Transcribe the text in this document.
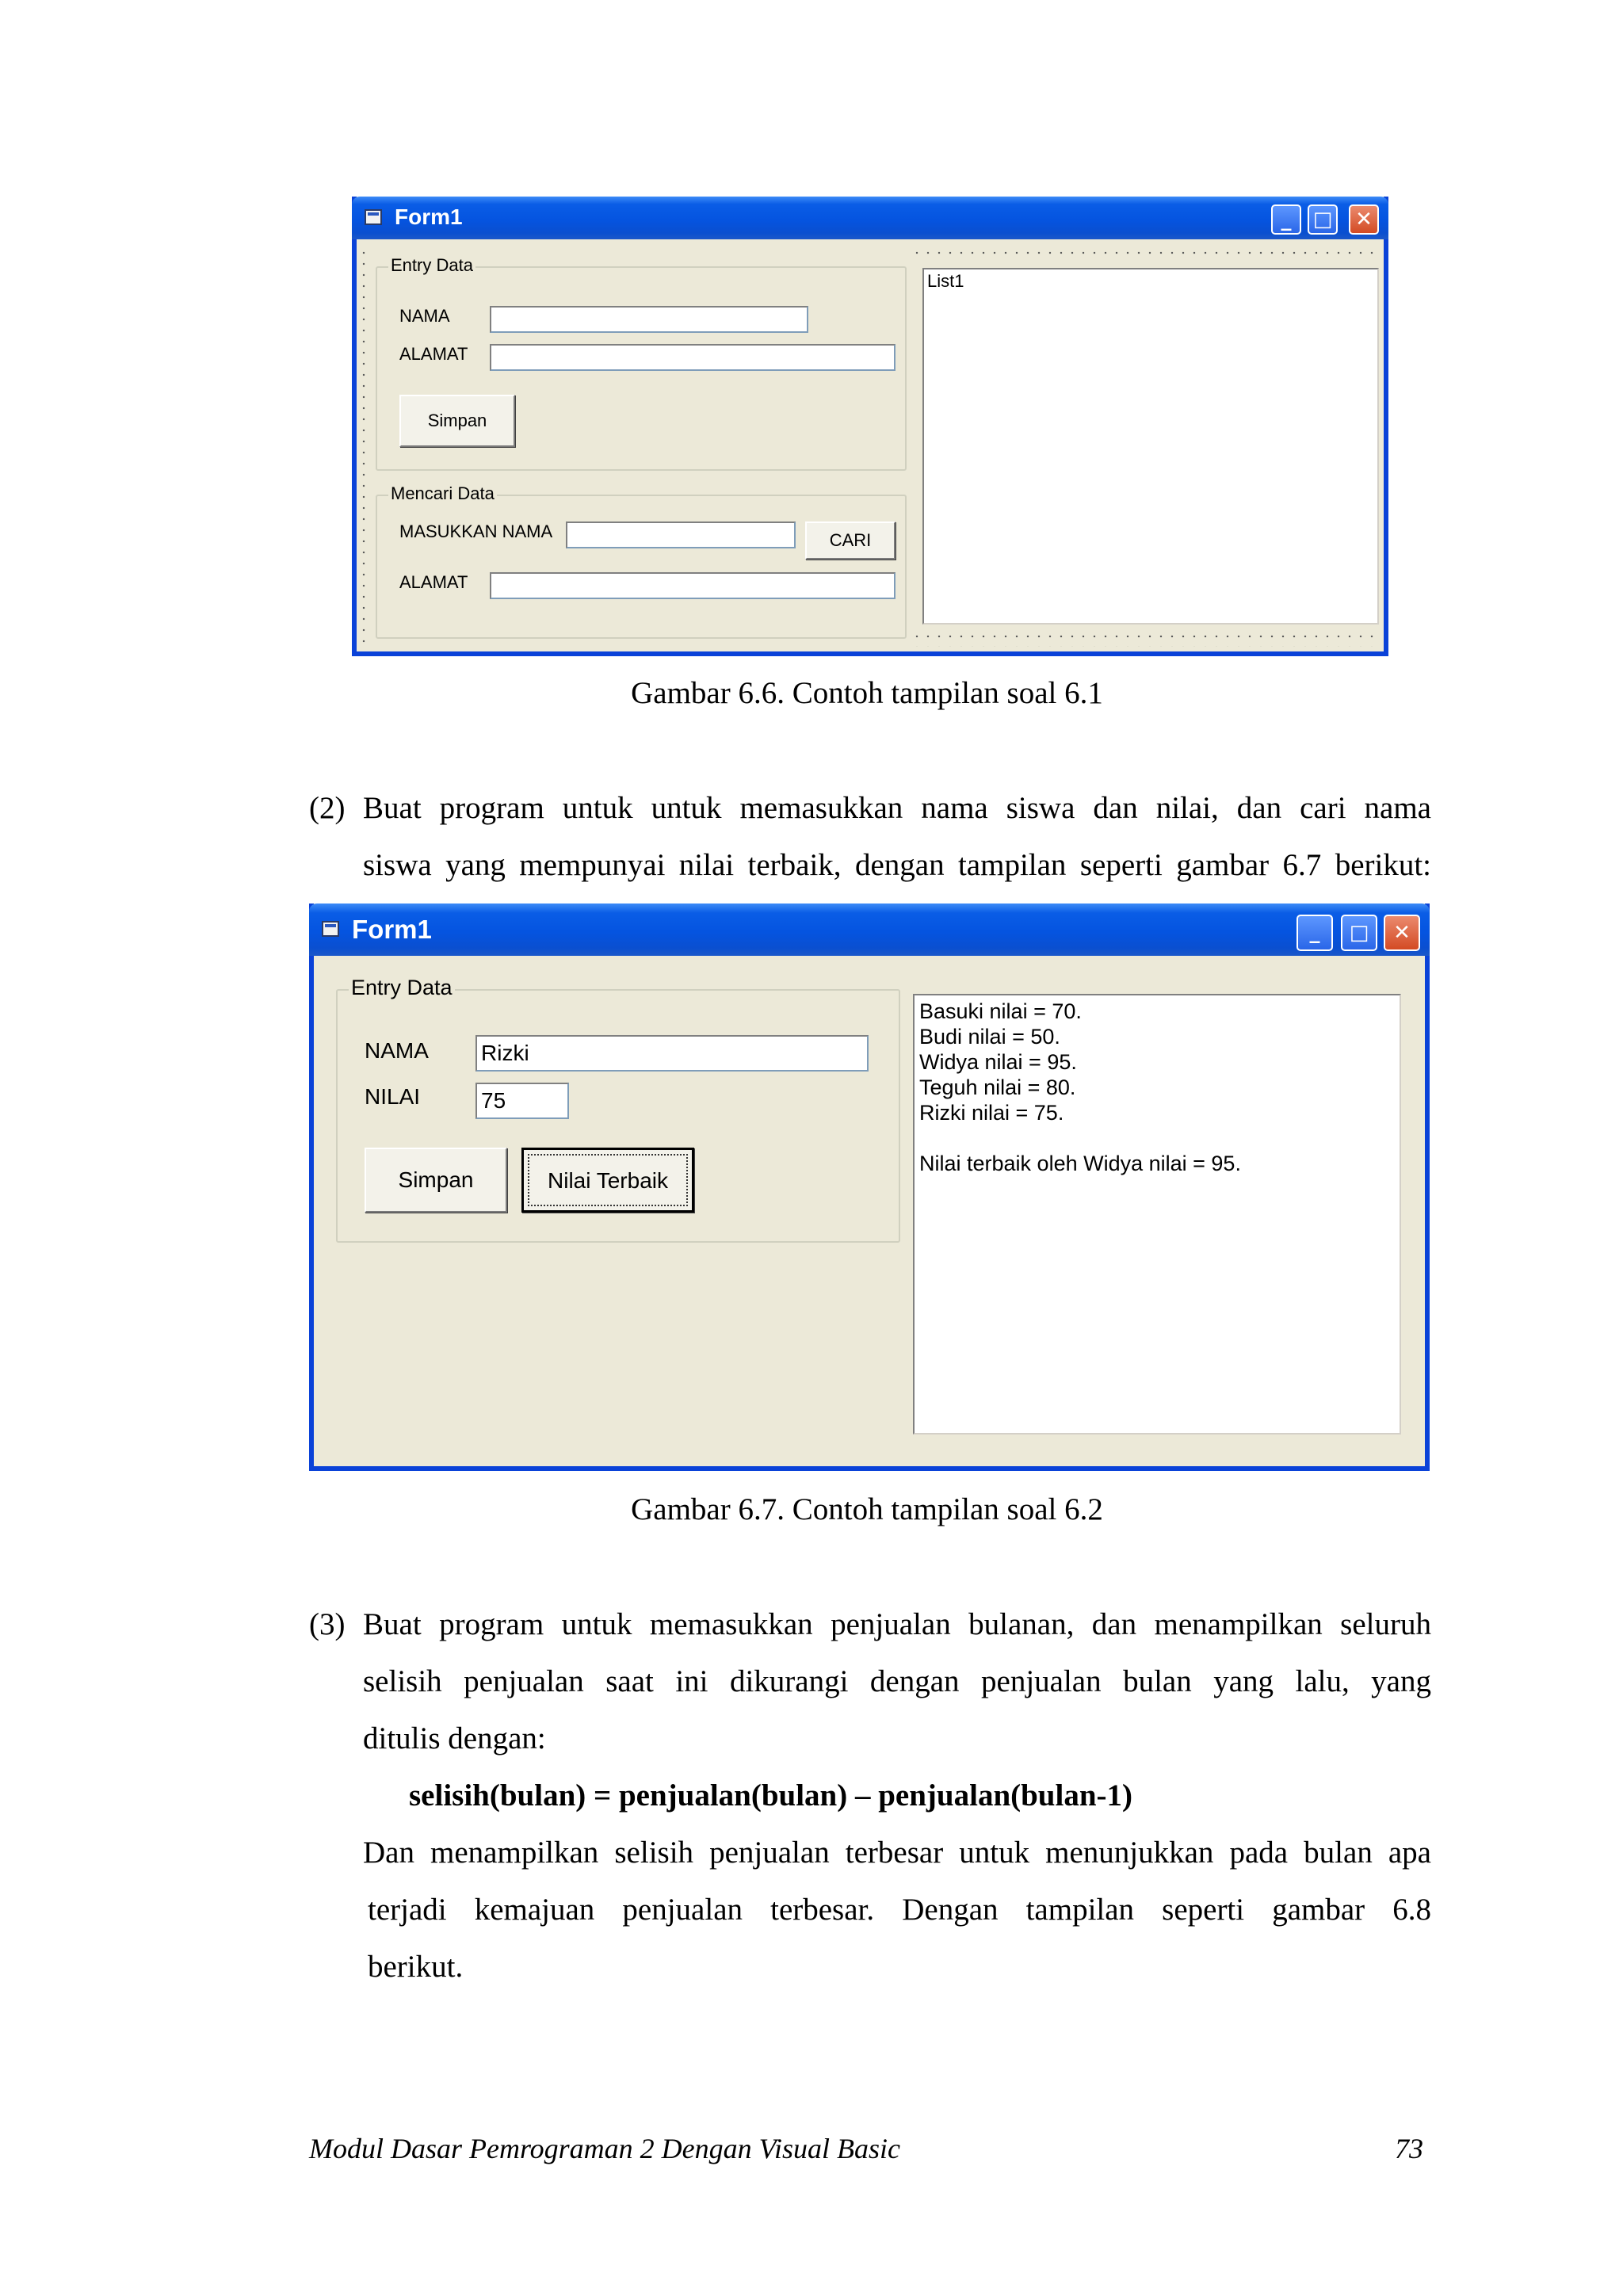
Form1	_	□	✕
Entry Data
NAMA
ALAMAT
Simpan
Mencari Data
MASUKKAN NAMA	CARI
ALAMAT
List1
Gambar 6.6. Contoh tampilan soal 6.1
(2) Buat program untuk untuk memasukkan nama siswa dan nilai, dan cari nama
siswa yang mempunyai nilai terbaik, dengan tampilan seperti gambar 6.7 berikut:
Form1	_	□	✕
Entry Data
NAMA Rizki
NILAI	75
Simpan	Nilai Terbaik
Basuki nilai = 70.
Budi nilai = 50.
Widya nilai = 95.
Teguh nilai = 80.
Rizki nilai = 75.
Nilai terbaik oleh Widya nilai = 95.
Gambar 6.7. Contoh tampilan soal 6.2
(3) Buat program untuk memasukkan penjualan bulanan, dan menampilkan seluruh
selisih penjualan saat ini dikurangi dengan penjualan bulan yang lalu, yang
ditulis dengan:
selisih(bulan) = penjualan(bulan) – penjualan(bulan-1)
Dan menampilkan selisih penjualan terbesar untuk menunjukkan pada bulan apa
terjadi kemajuan penjualan terbesar. Dengan tampilan seperti gambar 6.8
berikut.
Modul Dasar Pemrograman 2 Dengan Visual Basic	73
